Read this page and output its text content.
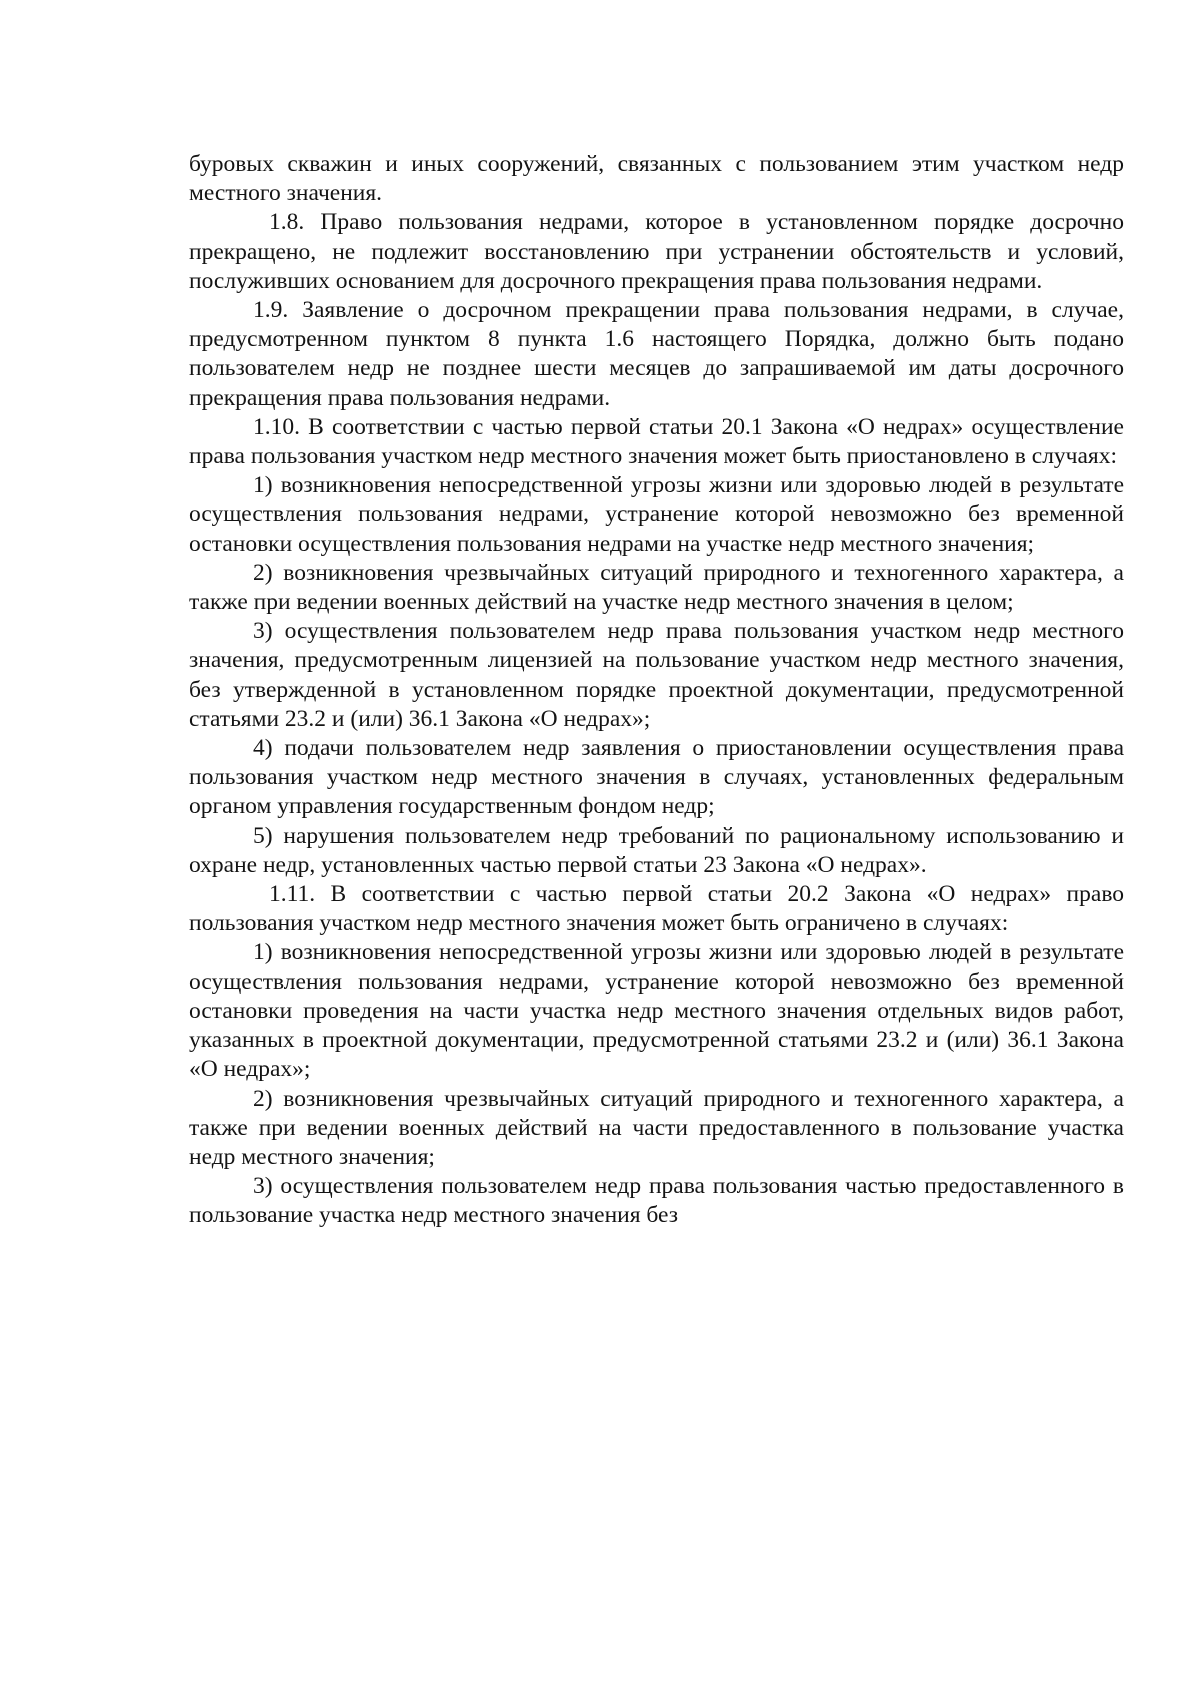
буровых скважин и иных сооружений, связанных с пользованием этим участком недр местного значения.

1.8. Право пользования недрами, которое в установленном порядке досрочно прекращено, не подлежит восстановлению при устранении обстоятельств и условий, послуживших основанием для досрочного прекращения права пользования недрами.

1.9. Заявление о досрочном прекращении права пользования недрами, в случае, предусмотренном пунктом 8 пункта 1.6 настоящего Порядка, должно быть подано пользователем недр не позднее шести месяцев до запрашиваемой им даты досрочного прекращения права пользования недрами.

1.10. В соответствии с частью первой статьи 20.1 Закона «О недрах» осуществление права пользования участком недр местного значения может быть приостановлено в случаях:

1) возникновения непосредственной угрозы жизни или здоровью людей в результате осуществления пользования недрами, устранение которой невозможно без временной остановки осуществления пользования недрами на участке недр местного значения;

2) возникновения чрезвычайных ситуаций природного и техногенного характера, а также при ведении военных действий на участке недр местного значения в целом;

3) осуществления пользователем недр права пользования участком недр местного значения, предусмотренным лицензией на пользование участком недр местного значения, без утвержденной в установленном порядке проектной документации, предусмотренной статьями 23.2 и (или) 36.1 Закона «О недрах»;

4) подачи пользователем недр заявления о приостановлении осуществления права пользования участком недр местного значения в случаях, установленных федеральным органом управления государственным фондом недр;

5) нарушения пользователем недр требований по рациональному использованию и охране недр, установленных частью первой статьи 23 Закона «О недрах».

1.11. В соответствии с частью первой статьи 20.2 Закона «О недрах» право пользования участком недр местного значения может быть ограничено в случаях:

1) возникновения непосредственной угрозы жизни или здоровью людей в результате осуществления пользования недрами, устранение которой невозможно без временной остановки проведения на части участка недр местного значения отдельных видов работ, указанных в проектной документации, предусмотренной статьями 23.2 и (или) 36.1 Закона «О недрах»;

2) возникновения чрезвычайных ситуаций природного и техногенного характера, а также при ведении военных действий на части предоставленного в пользование участка недр местного значения;

3) осуществления пользователем недр права пользования частью предоставленного в пользование участка недр местного значения без
